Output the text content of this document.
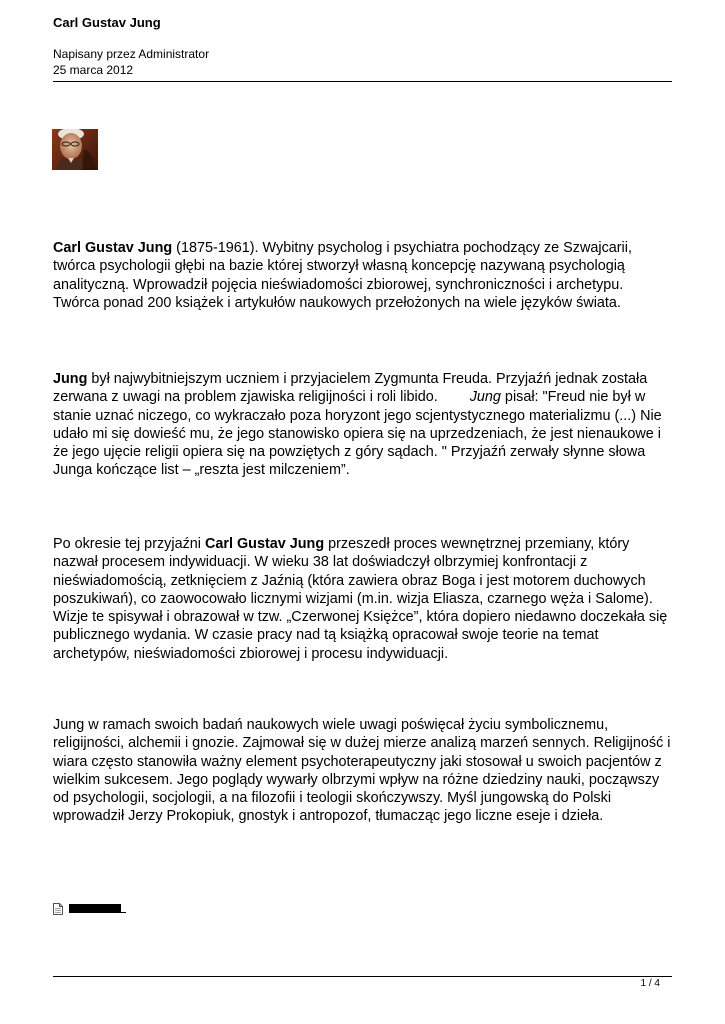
Carl Gustav Jung
Napisany przez Administrator
25 marca 2012

Carl Gustav Jung (1875-1961). Wybitny psycholog i psychiatra pochodzący ze Szwajcarii, twórca psychologii głębi na bazie której stworzył własną koncepcję nazywaną psychologią analityczną. Wprowadził pojęcia nieświadomości zbiorowej, synchroniczności i archetypu. Twórca ponad 200 książek i artykułów naukowych przełożonych na wiele języków świata.

Jung był najwybitniejszym uczniem i przyjacielem Zygmunta Freuda. Przyjaźń jednak została zerwana z uwagi na problem zjawiska religijności i roli libido. Jung pisał: "Freud nie był w stanie uznać niczego, co wykraczało poza horyzont jego scjentystycznego materializmu (...) Nie udało mi się dowieść mu, że jego stanowisko opiera się na uprzedzeniach, że jest nienaukowe i że jego ujęcie religii opiera się na powziętych z góry sądach. " Przyjaźń zerwały słynne słowa Junga kończące list – „reszta jest milczeniem”.

Po okresie tej przyjaźni Carl Gustav Jung przeszedł proces wewnętrznej przemiany, który nazwał procesem indywiduacji. W wieku 38 lat doświadczył olbrzymiej konfrontacji z nieświadomością, zetknięciem z Jaźnią (która zawiera obraz Boga i jest motorem duchowych poszukiwań), co zaowocowało licznymi wizjami (m.in. wizja Eliasza, czarnego węża i Salome). Wizje te spisywał i obrazował w tzw. „Czerwonej Księżce”, która dopiero niedawno doczekała się publicznego wydania. W czasie pracy nad tą książką opracował swoje teorie na temat archetypów, nieświadomości zbiorowej i procesu indywiduacji.

Jung w ramach swoich badań naukowych wiele uwagi poświęcał życiu symbolicznemu, religijności, alchemii i gnozie. Zajmował się w dużej mierze analizą marzeń sennych. Religijność i wiara często stanowiła ważny element psychoterapeutyczny jaki stosował u swoich pacjentów z wielkim sukcesem. Jego poglądy wywarły olbrzymi wpływ na różne dziedziny nauki, począwszy od psychologii, socjologii, a na filozofii i teologii skończywszy. Myśl jungowską do Polski wprowadził Jerzy Prokopiuk, gnostyk i antropozof, tłumacząc jego liczne eseje i dzieła.

1 / 4
